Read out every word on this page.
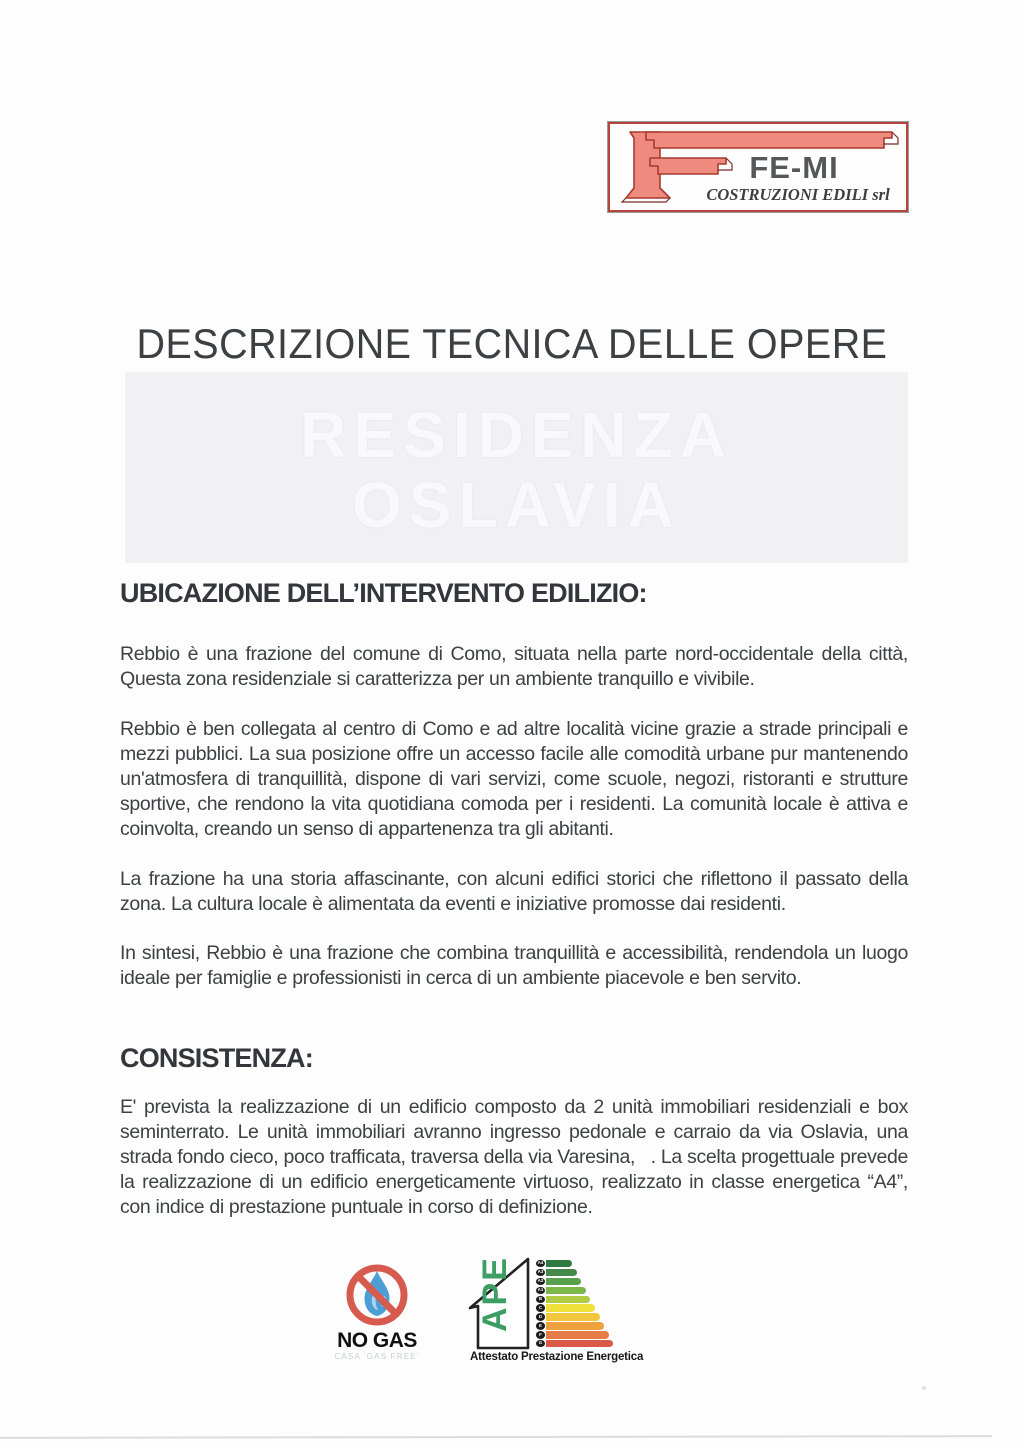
FE-MI
COSTRUZIONI EDILI srl
DESCRIZIONE TECNICA DELLE OPERE
RESIDENZA
OSLAVIA
UBICAZIONE DELL’INTERVENTO EDILIZIO:

Rebbio è una frazione del comune di Como, situata nella parte nord-occidentale della città, Questa zona residenziale si caratterizza per un ambiente tranquillo e vivibile.

Rebbio è ben collegata al centro di Como e ad altre località vicine grazie a strade principali e mezzi pubblici. La sua posizione offre un accesso facile alle comodità urbane pur mantenendo un'atmosfera di tranquillità, dispone di vari servizi, come scuole, negozi, ristoranti e strutture sportive, che rendono la vita quotidiana comoda per i residenti. La comunità locale è attiva e coinvolta, creando un senso di appartenenza tra gli abitanti.

La frazione ha una storia affascinante, con alcuni edifici storici che riflettono il passato della zona. La cultura locale è alimentata da eventi e iniziative promosse dai residenti.

In sintesi, Rebbio è una frazione che combina tranquillità e accessibilità, rendendola un luogo ideale per famiglie e professionisti in cerca di un ambiente piacevole e ben servito.

CONSISTENZA:

E' prevista la realizzazione di un edificio composto da 2 unità immobiliari residenziali e box seminterrato. Le unità immobiliari avranno ingresso pedonale e carraio da via Oslavia, una strada fondo cieco, poco trafficata, traversa della via Varesina,   . La scelta progettuale prevede la realizzazione di un edificio energeticamente virtuoso, realizzato in classe energetica “A4”, con indice di prestazione puntuale in corso di definizione.

NO GAS
CASA 'GAS FREE'
APE	A4
A3
A2
A1
B
C
D
E
F
G
Attestato Prestazione Energetica
